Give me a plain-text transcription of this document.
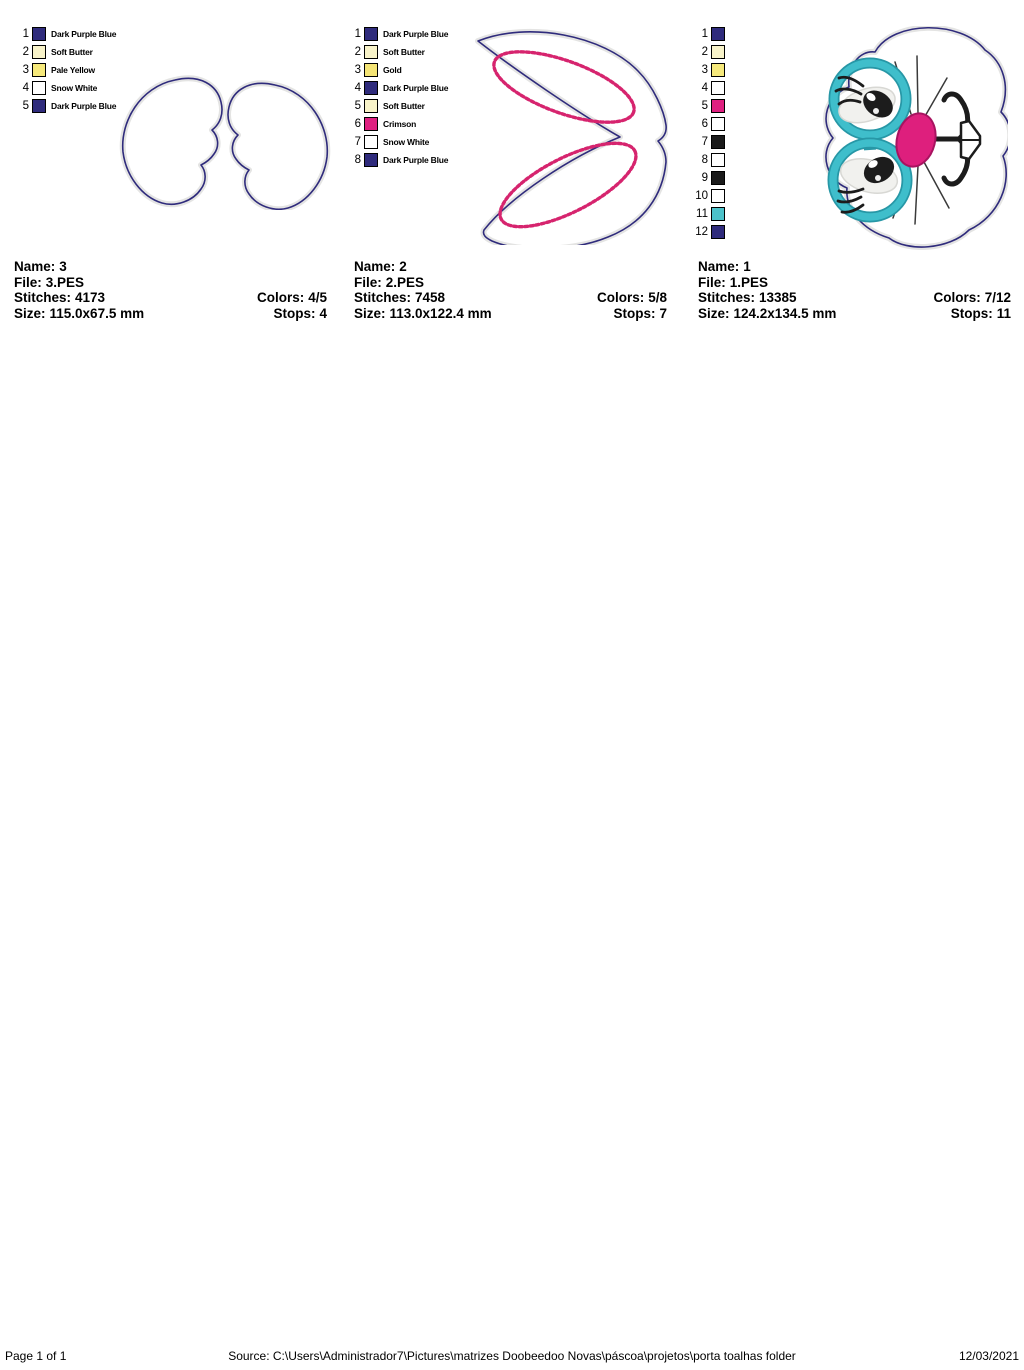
1	Dark Purple Blue
2	Soft Butter
3	Pale Yellow
4	Snow White
5	Dark Purple Blue
1	Dark Purple Blue
2	Soft Butter
3	Gold
4	Dark Purple Blue
5	Soft Butter
6	Crimson
7	Snow White
8	Dark Purple Blue
1
2
3
4
5
6
7
8
9
10
11
12
Name: 3
File: 3.PES
Stitches: 4173	Colors: 4/5
Size: 115.0x67.5 mm	Stops: 4
Name: 2
File: 2.PES
Stitches: 7458	Colors: 5/8
Size: 113.0x122.4 mm	Stops: 7
Name: 1
File: 1.PES
Stitches: 13385	Colors: 7/12
Size: 124.2x134.5 mm	Stops: 11
Page 1 of 1	Source: C:\Users\Administrador7\Pictures\matrizes Doobeedoo Novas\páscoa\projetos\porta toalhas folder	12/03/2021
